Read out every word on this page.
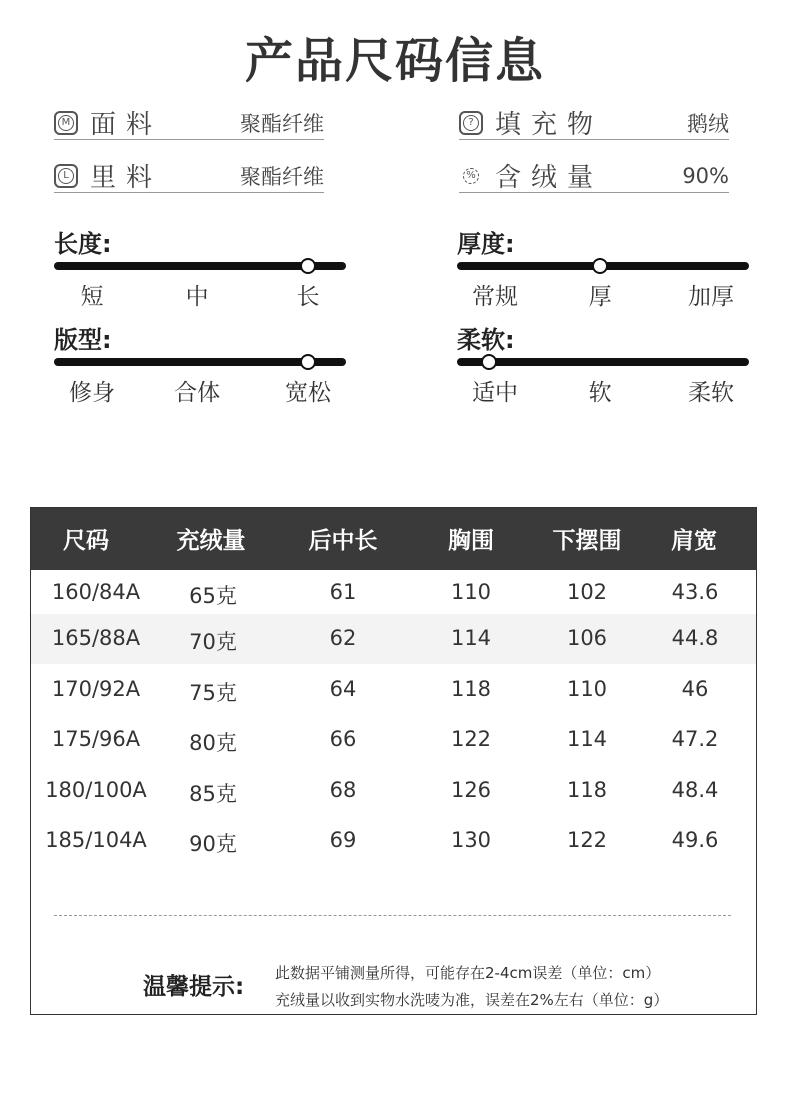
产品尺码信息
M 面料	聚酯纤维	? 填充物	鹅绒
L 里料	聚酯纤维	% 含绒量	90%
长度:
短	中	长
厚度:
常规	厚	加厚
版型:
修身	合体	宽松
柔软:
适中	软	柔软
尺码	充绒量	后中长	胸围	下摆围	肩宽
160/84A	65克	61	110	102	43.6
165/88A	70克	62	114	106	44.8
170/92A	75克	64	118	110	46
175/96A	80克	66	122	114	47.2
180/100A	85克	68	126	118	48.4
185/104A	90克	69	130	122	49.6
温馨提示:
此数据平铺测量所得，可能存在2-4cm误差（单位：cm）
充绒量以收到实物水洗唛为准，误差在2%左右（单位：g）
